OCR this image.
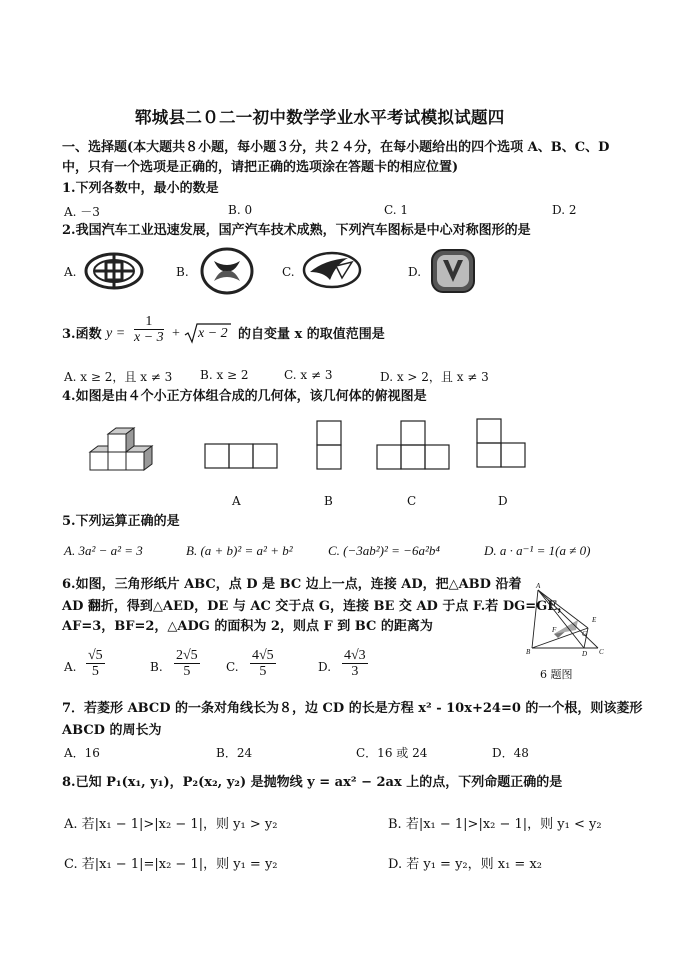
郓城县二０二一初中数学学业水平考试模拟试题四
一、选择题(本大题共８小题，每小题３分，共２４分，在每小题给出的四个选项 A、B、C、D
中，只有一个选项是正确的，请把正确的选项涂在答题卡的相应位置)
1.下列各数中，最小的数是
A. －3	B. 0	C. 1	D. 2
2.我国汽车工业迅速发展，国产汽车技术成熟，下列汽车图标是中心对称图形的是
A.	B.	C.	D.
3.函数 $y = \frac{1}{x - 3} + x - 2$ 的自变量 x 的取值范围是
A. x ≥ 2，且 x ≠ 3 B. x ≥ 2	C. x ≠ 3	D. x > 2，且 x ≠ 3
4.如图是由４个小正方体组合成的几何体，该几何体的俯视图是
A	B	C	D
5.下列运算正确的是
A. 3a² − a² = 3	B. (a + b)² = a² + b²	C. (−3ab²)² = −6a²b⁴	D. a · a⁻¹ = 1(a ≠ 0)
6.如图，三角形纸片 ABC，点 D 是 BC 边上一点，连接 AD，把△ABD 沿着
AD 翻折，得到△AED，DE 与 AC 交于点 G，连接 BE 交 AD 于点 F.若 DG=GE，
AF=3，BF=2，△ADG 的面积为 2，则点 F 到 BC 的距离为
A. $\frac{√5}{5}$	B. $\frac{2√5}{5} C$. $\frac{4√5}{5}$	D. $\frac{4√3}{3}$
A
B	C
D
E
F	G
6 题图
7．若菱形 ABCD 的一条对角线长为８，边 CD 的长是方程 x² - 10x+24=0 的一个根，则该菱形
ABCD 的周长为
A．16	B．24	C．16 或 24	D．48
8.已知 P₁(x₁, y₁)，P₂(x₂, y₂) 是抛物线 y = ax² − 2ax 上的点，下列命题正确的是
A. 若|x₁ − 1|>|x₂ − 1|，则 y₁ > y₂	B. 若|x₁ − 1|>|x₂ − 1|，则 y₁ < y₂
C. 若|x₁ − 1|=|x₂ − 1|，则 y₁ = y₂	D. 若 y₁ = y₂，则 x₁ = x₂
